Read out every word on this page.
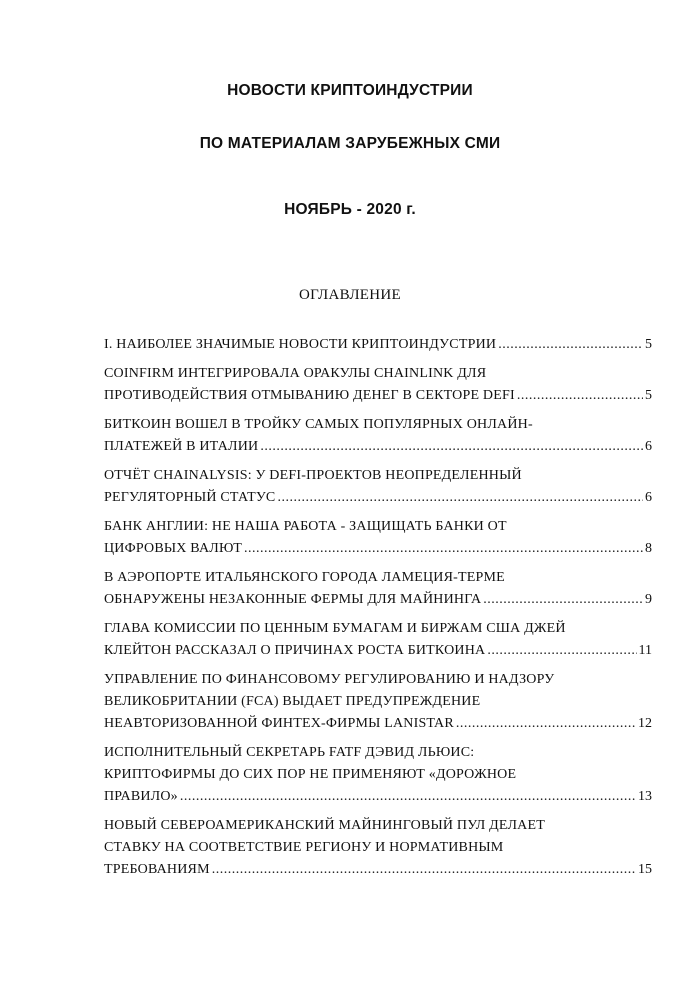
НОВОСТИ КРИПТОИНДУСТРИИ
ПО МАТЕРИАЛАМ ЗАРУБЕЖНЫХ СМИ
НОЯБРЬ - 2020 г.
ОГЛАВЛЕНИЕ
I. НАИБОЛЕЕ ЗНАЧИМЫЕ НОВОСТИ КРИПТОИНДУСТРИИ .....	5
COINFIRM ИНТЕГРИРОВАЛА ОРАКУЛЫ CHAINLINK ДЛЯ
ПРОТИВОДЕЙСТВИЯ ОТМЫВАНИЮ ДЕНЕГ В СЕКТОРЕ DEFI .....	5
БИТКОИН ВОШЕЛ В ТРОЙКУ САМЫХ ПОПУЛЯРНЫХ ОНЛАЙН-
ПЛАТЕЖЕЙ В ИТАЛИИ .....	6
ОТЧЁТ CHAINALYSIS: У DEFI-ПРОЕКТОВ НЕОПРЕДЕЛЕННЫЙ
РЕГУЛЯТОРНЫЙ СТАТУС .....	6
БАНК АНГЛИИ: НЕ НАША РАБОТА - ЗАЩИЩАТЬ БАНКИ ОТ
ЦИФРОВЫХ ВАЛЮТ .....	8
В АЭРОПОРТЕ ИТАЛЬЯНСКОГО ГОРОДА ЛАМЕЦИЯ-ТЕРМЕ
ОБНАРУЖЕНЫ НЕЗАКОННЫЕ ФЕРМЫ ДЛЯ МАЙНИНГА .....	9
ГЛАВА КОМИССИИ ПО ЦЕННЫМ БУМАГАМ И БИРЖАМ США ДЖЕЙ
КЛЕЙТОН РАССКАЗАЛ О ПРИЧИНАХ РОСТА БИТКОИНА .....	11
УПРАВЛЕНИЕ ПО ФИНАНСОВОМУ РЕГУЛИРОВАНИЮ И НАДЗОРУ
ВЕЛИКОБРИТАНИИ (FCA) ВЫДАЕТ ПРЕДУПРЕЖДЕНИЕ
НЕАВТОРИЗОВАННОЙ ФИНТЕХ-ФИРМЫ LANISTAR .....	12
ИСПОЛНИТЕЛЬНЫЙ СЕКРЕТАРЬ FATF ДЭВИД ЛЬЮИС:
КРИПТОФИРМЫ ДО СИХ ПОР НЕ ПРИМЕНЯЮТ «ДОРОЖНОЕ
ПРАВИЛО» .....	13
НОВЫЙ СЕВЕРОАМЕРИКАНСКИЙ МАЙНИНГОВЫЙ ПУЛ ДЕЛАЕТ
СТАВКУ НА СООТВЕТСТВИЕ РЕГИОНУ И НОРМАТИВНЫМ
ТРЕБОВАНИЯМ .....	15
